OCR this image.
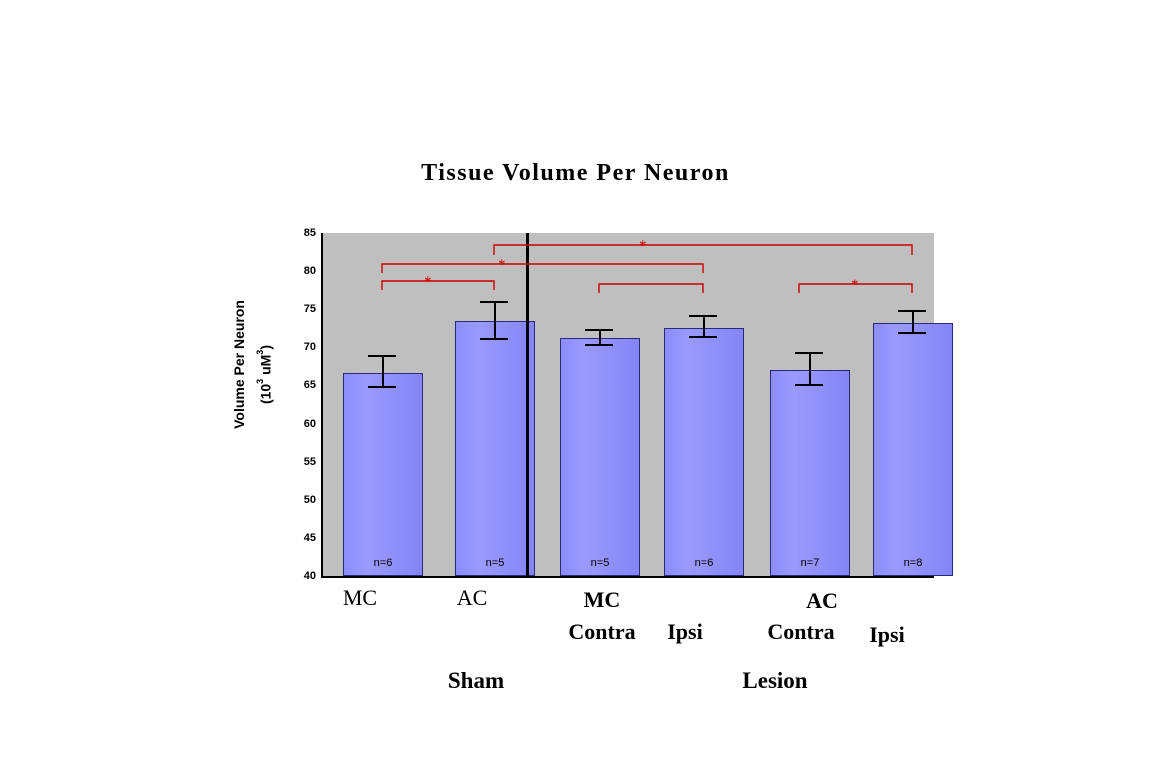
Tissue Volume Per Neuron
Volume Per Neuron ($10^3$ $uM^3$)
40
45
50
55
60
65
70
75
80
85
n=6	n=5	n=5	n=6	n=7	n=8
*
*
*
*
MC	AC	MC
Contra	Ipsi
AC
Contra	Ipsi
Sham	Lesion
